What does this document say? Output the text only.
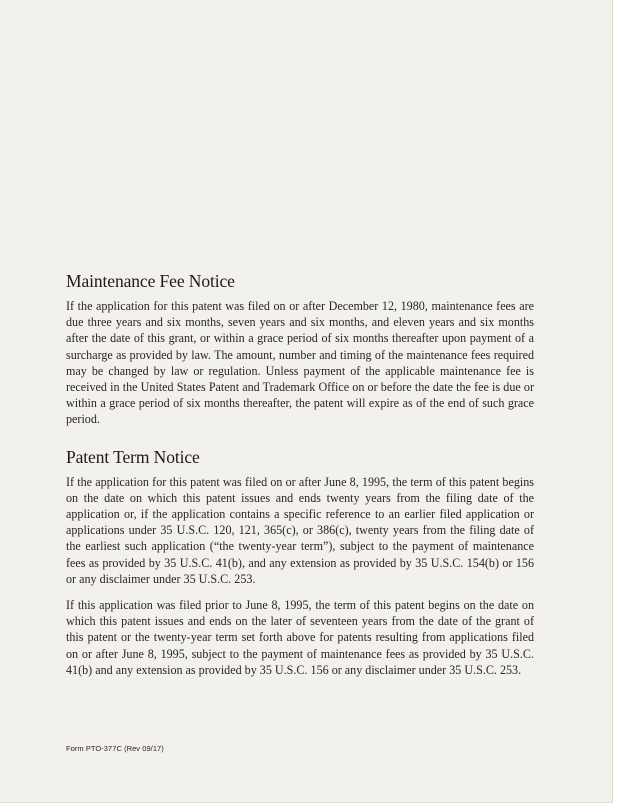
Maintenance Fee Notice

If the application for this patent was filed on or after December 12, 1980, maintenance fees are due three years and six months, seven years and six months, and eleven years and six months after the date of this grant, or within a grace period of six months thereafter upon payment of a surcharge as provided by law. The amount, number and timing of the maintenance fees required may be changed by law or regulation. Unless payment of the applicable maintenance fee is received in the United States Patent and Trademark Office on or before the date the fee is due or within a grace period of six months thereafter, the patent will expire as of the end of such grace period.

Patent Term Notice

If the application for this patent was filed on or after June 8, 1995, the term of this patent begins on the date on which this patent issues and ends twenty years from the filing date of the application or, if the application contains a specific reference to an earlier filed application or applications under 35 U.S.C. 120, 121, 365(c), or 386(c), twenty years from the filing date of the earliest such application (“the twenty-year term”), subject to the payment of maintenance fees as provided by 35 U.S.C. 41(b), and any extension as provided by 35 U.S.C. 154(b) or 156 or any disclaimer under 35 U.S.C. 253.

If this application was filed prior to June 8, 1995, the term of this patent begins on the date on which this patent issues and ends on the later of seventeen years from the date of the grant of this patent or the twenty-year term set forth above for patents resulting from applications filed on or after June 8, 1995, subject to the payment of maintenance fees as provided by 35 U.S.C. 41(b) and any extension as provided by 35 U.S.C. 156 or any disclaimer under 35 U.S.C. 253.

Form PTO-377C (Rev 09/17)
